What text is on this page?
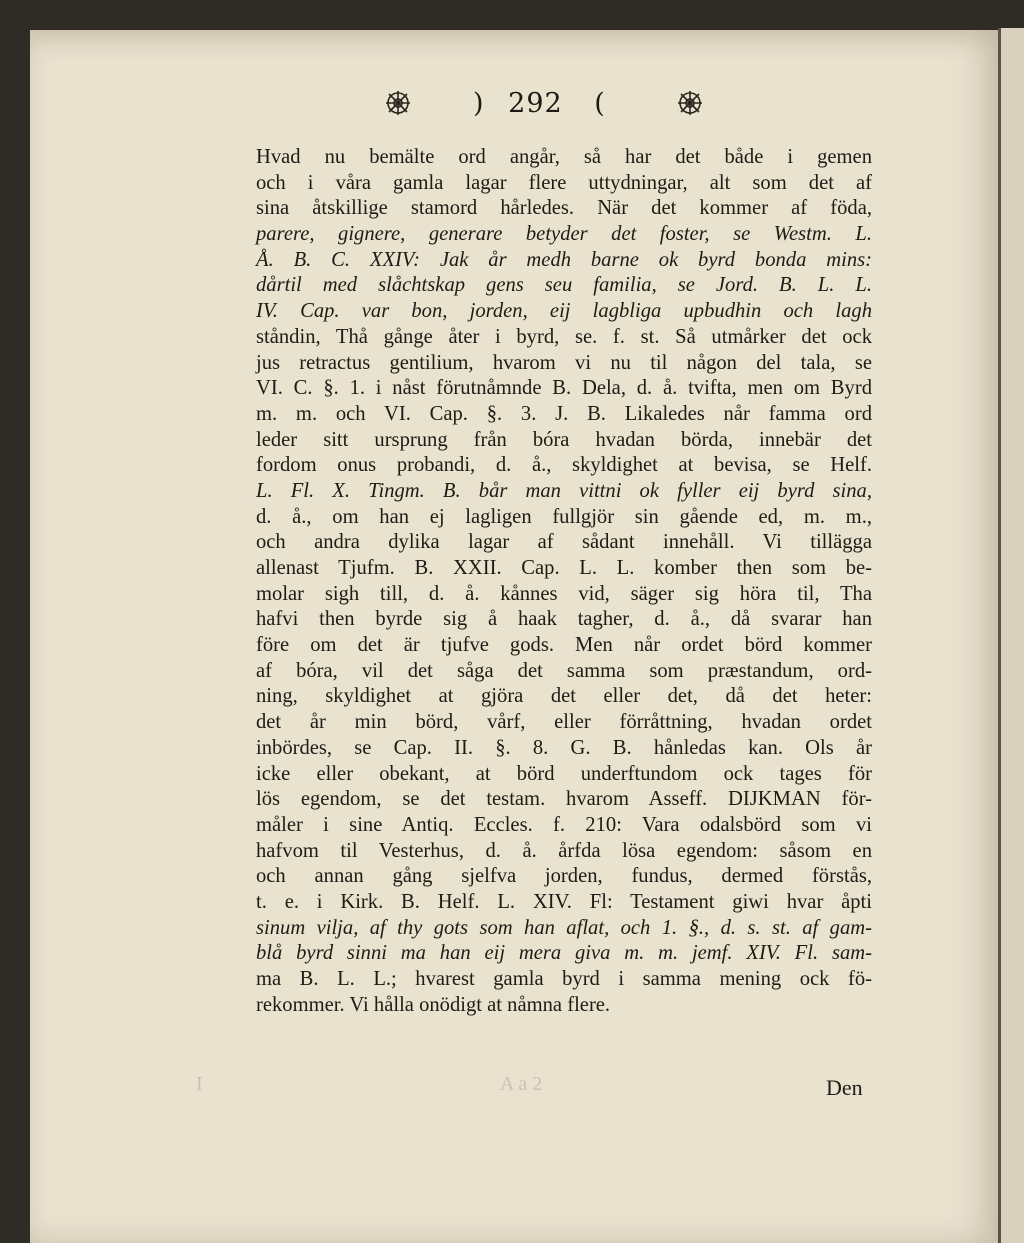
) 292 (
Hvad nu bemälte ord angår, så har det både i gemen
och i våra gamla lagar flere uttydningar, alt som det af
sina åtskillige stamord hårledes. När det kommer af föda,
parere, gignere, generare betyder det foster, se Westm. L.
Å. B. C. XXIV: Jak år medh barne ok byrd bonda mins:
dårtil med slåchtskap gens seu familia, se Jord. B. L. L.
IV. Cap. var bon, jorden, eij lagbliga upbudhin och lagh
ståndin, Thå gånge åter i byrd, se. f. st. Så utmårker det ock
jus retractus gentilium, hvarom vi nu til någon del tala, se
VI. C. §. 1. i nåst förutnåmnde B. Dela, d. å. tvifta, men om Byrd
m. m. och VI. Cap. §. 3. J. B. Likaledes når famma ord
leder sitt ursprung från bóra hvadan börda, innebär det
fordom onus probandi, d. å., skyldighet at bevisa, se Helf.
L. Fl. X. Tingm. B. bår man vittni ok fyller eij byrd sina,
d. å., om han ej lagligen fullgjör sin gående ed, m. m.,
och andra dylika lagar af sådant innehåll. Vi tillägga
allenast Tjufm. B. XXII. Cap. L. L. komber then som be-
molar sigh till, d. å. kånnes vid, säger sig höra til, Tha
hafvi then byrde sig å haak tagher, d. å., då svarar han
före om det är tjufve gods. Men når ordet börd kommer
af bóra, vil det såga det samma som præstandum, ord-
ning, skyldighet at gjöra det eller det, då det heter:
det år min börd, vårf, eller förråttning, hvadan ordet
inbördes, se Cap. II. §. 8. G. B. hånledas kan. Ols år
icke eller obekant, at börd underftundom ock tages för
lös egendom, se det testam. hvarom Asseff. DIJKMAN för-
måler i sine Antiq. Eccles. f. 210: Vara odalsbörd som vi
hafvom til Vesterhus, d. å. årfda lösa egendom: såsom en
och annan gång sjelfva jorden, fundus, dermed förstås,
t. e. i Kirk. B. Helf. L. XIV. Fl: Testament giwi hvar åpti
sinum vilja, af thy gots som han aflat, och 1. §., d. s. st. af gam-
blå byrd sinni ma han eij mera giva m. m. jemf. XIV. Fl. sam-
ma B. L. L.; hvarest gamla byrd i samma mening ock fö-
rekommer. Vi hålla onödigt at nåmna flere.
I	A a 2	Den
